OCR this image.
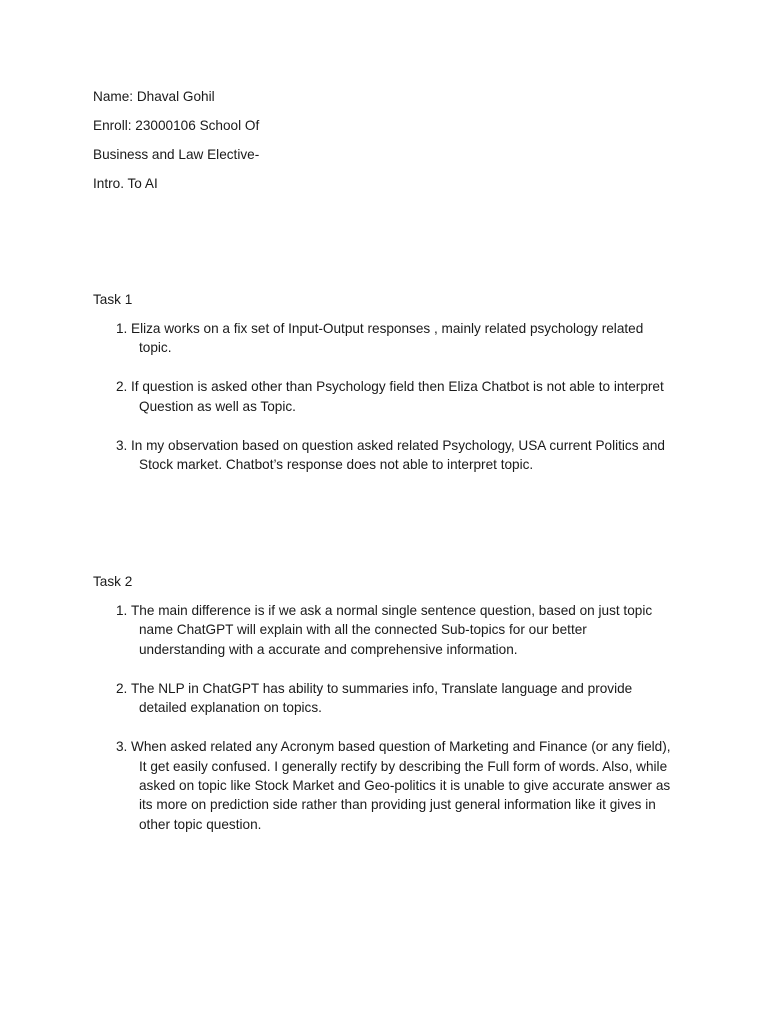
Name: Dhaval Gohil
Enroll: 23000106 School Of
Business and Law Elective-
Intro. To AI
Task 1
1. Eliza works on a fix set of Input-Output responses , mainly related psychology related topic.
2. If question is asked other than Psychology field then Eliza Chatbot is not able to interpret Question as well as Topic.
3. In my observation based on question asked related Psychology, USA current Politics and Stock market. Chatbot’s response does not able to interpret topic.
Task 2
1. The main difference is if we ask a normal single sentence question, based on just topic name ChatGPT will explain with all the connected Sub-topics for our better understanding with a accurate and comprehensive information.
2. The NLP in ChatGPT has ability to summaries info, Translate language and provide detailed explanation on topics.
3. When asked related any Acronym based question of Marketing and Finance (or any field), It get easily confused. I generally rectify by describing the Full form of words. Also, while asked on topic like Stock Market and Geo-politics it is unable to give accurate answer as its more on prediction side rather than providing just general information like it gives in other topic question.
